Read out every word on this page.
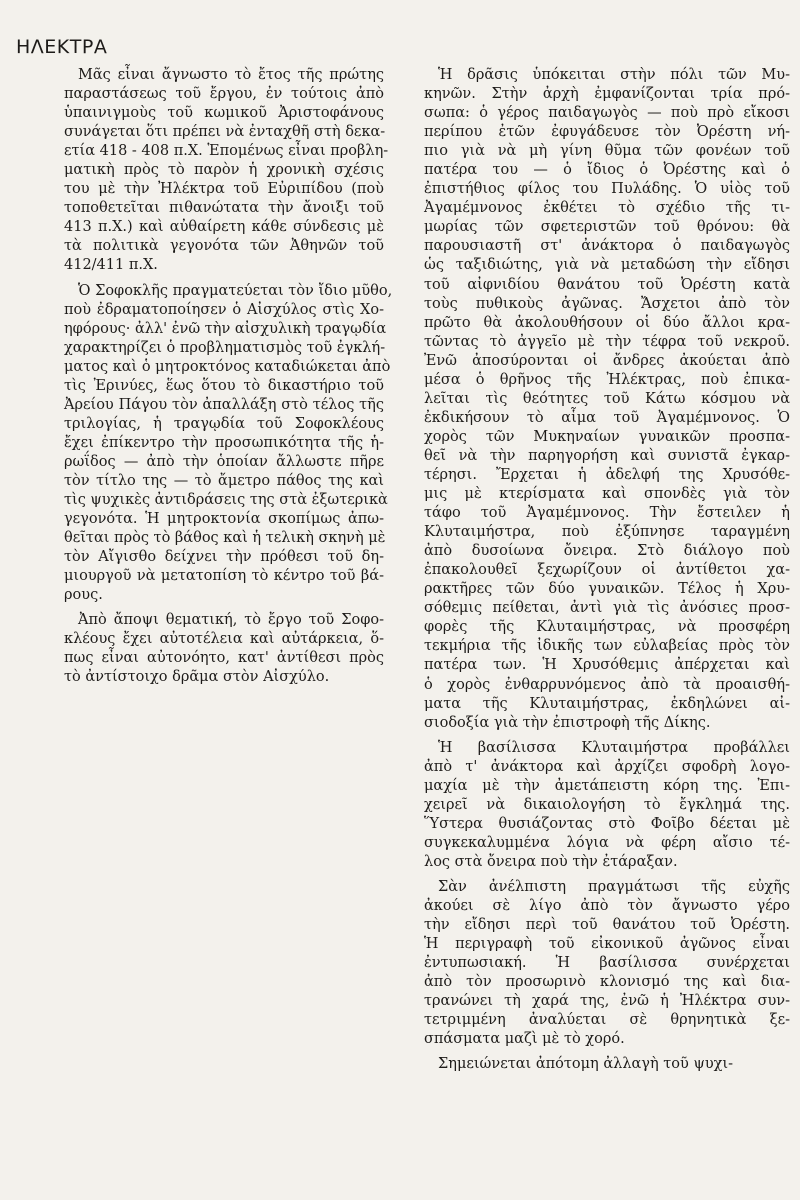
ΗΛΕΚΤΡΑ
Μᾶς εἶναι ἄγνωστο τὸ ἔτος τῆς πρώτης
παραστάσεως τοῦ ἔργου, ἐν τούτοις ἀπὸ
ὑπαινιγμοὺς τοῦ κωμικοῦ Ἀριστοφάνους
συνάγεται ὅτι πρέπει νὰ ἐνταχθῆ στὴ δεκα-
ετία 418 - 408 π.Χ. Ἑπομένως εἶναι προβλη-
ματικὴ πρὸς τὸ παρὸν ἡ χρονικὴ σχέσις
του μὲ τὴν Ἠλέκτρα τοῦ Εὐριπίδου (ποὺ
τοποθετεῖται πιθανώτατα τὴν ἄνοιξι τοῦ
413 π.Χ.) καὶ αὐθαίρετη κάθε σύνδεσις μὲ
τὰ πολιτικὰ γεγονότα τῶν Ἀθηνῶν τοῦ
412/411 π.Χ.
Ὁ Σοφοκλῆς πραγματεύεται τὸν ἴδιο μῦθο,
ποὺ ἐδραματοποίησεν ὁ Αἰσχύλος στὶς Χο-
ηφόρους· ἀλλ' ἐνῶ τὴν αἰσχυλικὴ τραγῳδία
χαρακτηρίζει ὁ προβληματισμὸς τοῦ ἐγκλή-
ματος καὶ ὁ μητροκτόνος καταδιώκεται ἀπὸ
τὶς Ἐρινύες, ἕως ὅτου τὸ δικαστήριο τοῦ
Ἀρείου Πάγου τὸν ἀπαλλάξη στὸ τέλος τῆς
τριλογίας, ἡ τραγῳδία τοῦ Σοφοκλέους
ἔχει ἐπίκεντρο τὴν προσωπικότητα τῆς ἡ-
ρωΐδος — ἀπὸ τὴν ὁποίαν ἄλλωστε πῆρε
τὸν τίτλο της — τὸ ἄμετρο πάθος της καὶ
τὶς ψυχικὲς ἀντιδράσεις της στὰ ἐξωτερικὰ
γεγονότα. Ἡ μητροκτονία σκοπίμως ἀπω-
θεῖται πρὸς τὸ βάθος καὶ ἡ τελικὴ σκηνὴ μὲ
τὸν Αἴγισθο δείχνει τὴν πρόθεσι τοῦ δη-
μιουργοῦ νὰ μετατοπίση τὸ κέντρο τοῦ βά-
ρους.
Ἀπὸ ἄποψι θεματική, τὸ ἔργο τοῦ Σοφο-
κλέους ἔχει αὐτοτέλεια καὶ αὐτάρκεια, ὅ-
πως εἶναι αὐτονόητο, κατ' ἀντίθεσι πρὸς
τὸ ἀντίστοιχο δρᾶμα στὸν Αἰσχύλο.
Ἡ δρᾶσις ὑπόκειται στὴν πόλι τῶν Μυ-
κηνῶν. Στὴν ἀρχὴ ἐμφανίζονται τρία πρό-
σωπα: ὁ γέρος παιδαγωγὸς — ποὺ πρὸ εἴκοσι
περίπου ἐτῶν ἐφυγάδευσε τὸν Ὀρέστη νή-
πιο γιὰ νὰ μὴ γίνη θῦμα τῶν φονέων τοῦ
πατέρα του — ὁ ἴδιος ὁ Ὀρέστης καὶ ὁ
ἐπιστήθιος φίλος του Πυλάδης. Ὁ υἱὸς τοῦ
Ἀγαμέμνονος ἐκθέτει τὸ σχέδιο τῆς τι-
μωρίας τῶν σφετεριστῶν τοῦ θρόνου: θὰ
παρουσιαστῆ στ' ἀνάκτορα ὁ παιδαγωγὸς
ὡς ταξιδιώτης, γιὰ νὰ μεταδώση τὴν εἴδησι
τοῦ αἰφνιδίου θανάτου τοῦ Ὀρέστη κατὰ
τοὺς πυθικοὺς ἀγῶνας. Ἄσχετοι ἀπὸ τὸν
πρῶτο θὰ ἀκολουθήσουν οἱ δύο ἄλλοι κρα-
τῶντας τὸ ἀγγεῖο μὲ τὴν τέφρα τοῦ νεκροῦ.
Ἐνῶ ἀποσύρονται οἱ ἄνδρες ἀκούεται ἀπὸ
μέσα ὁ θρῆνος τῆς Ἠλέκτρας, ποὺ ἐπικα-
λεῖται τὶς θεότητες τοῦ Κάτω κόσμου νὰ
ἐκδικήσουν τὸ αἷμα τοῦ Ἀγαμέμνονος. Ὁ
χορὸς τῶν Μυκηναίων γυναικῶν προσπα-
θεῖ νὰ τὴν παρηγορήση καὶ συνιστᾶ ἐγκαρ-
τέρησι. Ἔρχεται ἡ ἀδελφή της Χρυσόθε-
μις μὲ κτερίσματα καὶ σπονδὲς γιὰ τὸν
τάφο τοῦ Ἀγαμέμνονος. Τὴν ἔστειλεν ἡ
Κλυταιμήστρα, ποὺ ἐξύπνησε ταραγμένη
ἀπὸ δυσοίωνα ὄνειρα. Στὸ διάλογο ποὺ
ἐπακολουθεῖ ξεχωρίζουν οἱ ἀντίθετοι χα-
ρακτῆρες τῶν δύο γυναικῶν. Τέλος ἡ Χρυ-
σόθεμις πείθεται, ἀντὶ γιὰ τὶς ἀνόσιες προσ-
φορὲς τῆς Κλυταιμήστρας, νὰ προσφέρη
τεκμήρια τῆς ἰδικῆς των εὐλαβείας πρὸς τὸν
πατέρα των. Ἡ Χρυσόθεμις ἀπέρχεται καὶ
ὁ χορὸς ἐνθαρρυνόμενος ἀπὸ τὰ προαισθή-
ματα τῆς Κλυταιμήστρας, ἐκδηλώνει αἰ-
σιοδοξία γιὰ τὴν ἐπιστροφὴ τῆς Δίκης.
Ἡ βασίλισσα Κλυταιμήστρα προβάλλει
ἀπὸ τ' ἀνάκτορα καὶ ἀρχίζει σφοδρὴ λογο-
μαχία μὲ τὴν ἀμετάπειστη κόρη της. Ἐπι-
χειρεῖ νὰ δικαιολογήση τὸ ἔγκλημά της.
Ὕστερα θυσιάζοντας στὸ Φοῖβο δέεται μὲ
συγκεκαλυμμένα λόγια νὰ φέρη αἴσιο τέ-
λος στὰ ὄνειρα ποὺ τὴν ἐτάραξαν.
Σὰν ἀνέλπιστη πραγμάτωσι τῆς εὐχῆς
ἀκούει σὲ λίγο ἀπὸ τὸν ἄγνωστο γέρο
τὴν εἴδησι περὶ τοῦ θανάτου τοῦ Ὀρέστη.
Ἡ περιγραφὴ τοῦ εἰκονικοῦ ἀγῶνος εἶναι
ἐντυπωσιακή. Ἡ βασίλισσα συνέρχεται
ἀπὸ τὸν προσωρινὸ κλονισμό της καὶ δια-
τρανώνει τὴ χαρά της, ἐνῶ ἡ Ἠλέκτρα συν-
τετριμμένη ἀναλύεται σὲ θρηνητικὰ ξε-
σπάσματα μαζὶ μὲ τὸ χορό.
Σημειώνεται ἀπότομη ἀλλαγὴ τοῦ ψυχι-
